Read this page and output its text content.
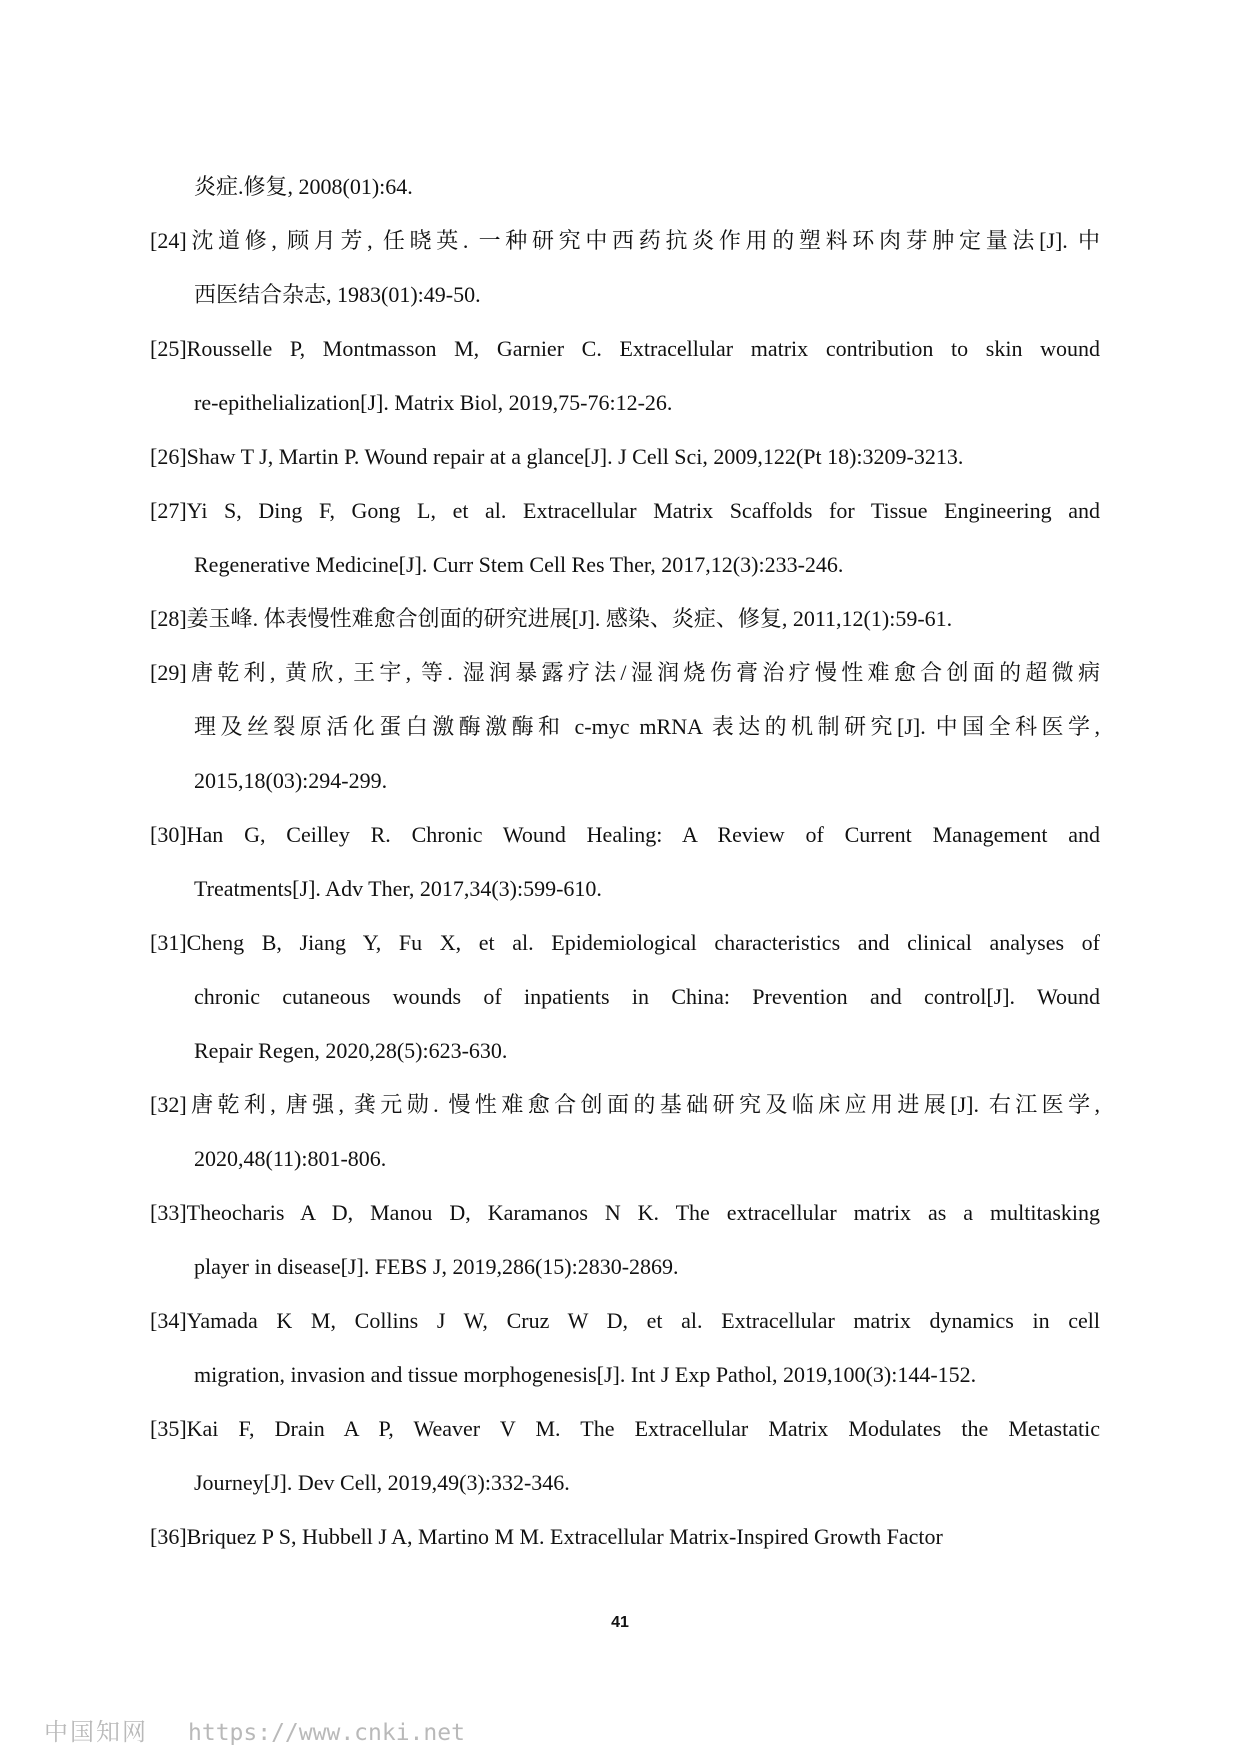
炎症.修复, 2008(01):64.
[24]沈道修, 顾月芳, 任晓英. 一种研究中西药抗炎作用的塑料环肉芽肿定量法[J]. 中
西医结合杂志, 1983(01):49-50.
[25]Rousselle P, Montmasson M, Garnier C. Extracellular matrix contribution to skin wound
re-epithelialization[J]. Matrix Biol, 2019,75-76:12-26.
[26]Shaw T J, Martin P. Wound repair at a glance[J]. J Cell Sci, 2009,122(Pt 18):3209-3213.
[27]Yi S, Ding F, Gong L, et al. Extracellular Matrix Scaffolds for Tissue Engineering and
Regenerative Medicine[J]. Curr Stem Cell Res Ther, 2017,12(3):233-246.
[28]姜玉峰. 体表慢性难愈合创面的研究进展[J]. 感染、炎症、修复, 2011,12(1):59-61.
[29]唐乾利, 黄欣, 王宇, 等. 湿润暴露疗法/湿润烧伤膏治疗慢性难愈合创面的超微病
理及丝裂原活化蛋白激酶激酶和 c-myc mRNA 表达的机制研究[J]. 中国全科医学,
2015,18(03):294-299.
[30]Han G, Ceilley R. Chronic Wound Healing: A Review of Current Management and
Treatments[J]. Adv Ther, 2017,34(3):599-610.
[31]Cheng B, Jiang Y, Fu X, et al. Epidemiological characteristics and clinical analyses of
chronic cutaneous wounds of inpatients in China: Prevention and control[J]. Wound
Repair Regen, 2020,28(5):623-630.
[32]唐乾利, 唐强, 龚元勋. 慢性难愈合创面的基础研究及临床应用进展[J]. 右江医学,
2020,48(11):801-806.
[33]Theocharis A D, Manou D, Karamanos N K. The extracellular matrix as a multitasking
player in disease[J]. FEBS J, 2019,286(15):2830-2869.
[34]Yamada K M, Collins J W, Cruz W D, et al. Extracellular matrix dynamics in cell
migration, invasion and tissue morphogenesis[J]. Int J Exp Pathol, 2019,100(3):144-152.
[35]Kai F, Drain A P, Weaver V M. The Extracellular Matrix Modulates the Metastatic
Journey[J]. Dev Cell, 2019,49(3):332-346.
[36]Briquez P S, Hubbell J A, Martino M M. Extracellular Matrix-Inspired Growth Factor
41
中国知网 https://www.cnki.net
